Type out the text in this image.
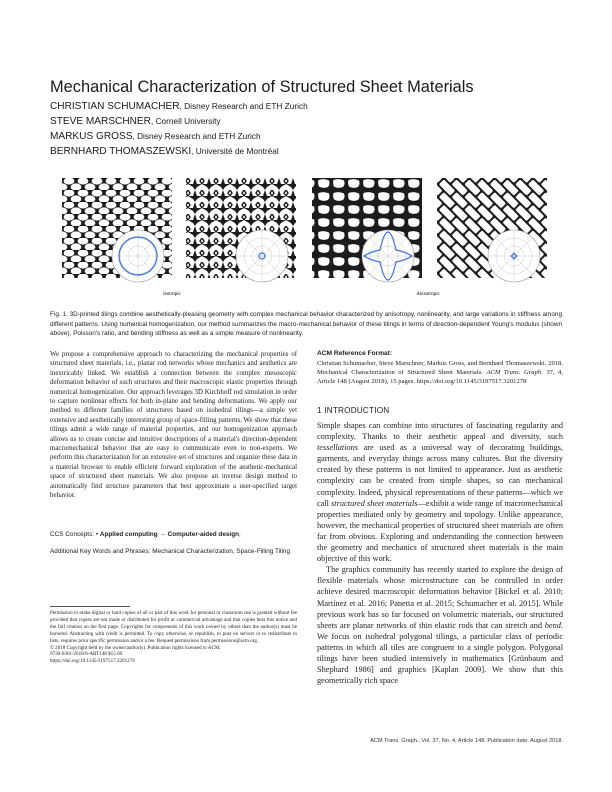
Mechanical Characterization of Structured Sheet Materials
CHRISTIAN SCHUMACHER, Disney Research and ETH Zurich
STEVE MARSCHNER, Cornell University
MARKUS GROSS, Disney Research and ETH Zurich
BERNHARD THOMASZEWSKI, Université de Montréal
Isotropic	Anisotropic
Fig. 1. 3D-printed tilings combine aesthetically-pleasing geometry with complex mechanical behavior characterized by anisotropy, nonlinearity, and large variations in stiffness among different patterns. Using numerical homogenization, our method summarizes the macro-mechanical behavior of these tilings in terms of direction-dependent Young's modulus (shown above), Poisson's ratio, and bending stiffness as well as a simple measure of nonlinearity.
We propose a comprehensive approach to characterizing the mechanical properties of structured sheet materials, i.e., planar rod networks whose mechanics and aesthetics are inextricably linked. We establish a connection between the complex mesoscopic deformation behavior of such structures and their macroscopic elastic properties through numerical homogenization. Our approach leverages 3D Kirchhoff rod simulation in order to capture nonlinear effects for both in-plane and bending deformations. We apply our method to different families of structures based on isohedral tilings—a simple yet extensive and aesthetically interesting group of space-filling patterns. We show that these tilings admit a wide range of material properties, and our homogenization approach allows us to create concise and intuitive descriptions of a material's direction-dependent macromechanical behavior that are easy to communicate even to non-experts. We perform this characterization for an extensive set of structures and organize these data in a material browser to enable efficient forward exploration of the aesthetic-mechanical space of structured sheet materials. We also propose an inverse design method to automatically find structure parameters that best approximate a user-specified target behavior.
CCS Concepts: • Applied computing → Computer-aided design;
Additional Key Words and Phrases: Mechanical Characterization, Space-Filling Tiling
Permission to make digital or hard copies of all or part of this work for personal or classroom use is granted without fee provided that copies are not made or distributed for profit or commercial advantage and that copies bear this notice and the full citation on the first page. Copyrights for components of this work owned by others than the author(s) must be honored. Abstracting with credit is permitted. To copy otherwise, or republish, to post on servers or to redistribute to lists, requires prior specific permission and/or a fee. Request permissions from permissions@acm.org.
© 2018 Copyright held by the owner/author(s). Publication rights licensed to ACM.
0730-0301/2018/8-ART148 $15.00
https://doi.org/10.1145/3197517.3201278
ACM Reference Format:
Christian Schumacher, Steve Marschner, Markus Gross, and Bernhard Thomaszewski. 2018. Mechanical Characterization of Structured Sheet Materials. ACM Trans. Graph. 37, 4, Article 148 (August 2018), 15 pages. https://doi.org/10.1145/3197517.3201278
1 INTRODUCTION

Simple shapes can combine into structures of fascinating regularity and complexity. Thanks to their aesthetic appeal and diversity, such tessellations are used as a universal way of decorating buildings, garments, and everyday things across many cultures. But the diversity created by these patterns is not limited to appearance. Just as aesthetic complexity can be created from simple shapes, so can mechanical complexity. Indeed, physical representations of these patterns—which we call structured sheet materials—exhibit a wide range of macromechanical properties mediated only by geometry and topology. Unlike appearance, however, the mechanical properties of structured sheet materials are often far from obvious. Exploring and understanding the connection between the geometry and mechanics of structured sheet materials is the main objective of this work.

The graphics community has recently started to explore the design of flexible materials whose microstructure can be controlled in order achieve desired macroscopic deformation behavior [Bickel et al. 2010; Martínez et al. 2016; Panetta et al. 2015; Schumacher et al. 2015]. While previous work has so far focused on volumetric materials, our structured sheets are planar networks of thin elastic rods that can stretch and bend. We focus on isohedral polygonal tilings, a particular class of periodic patterns in which all tiles are congruent to a single polygon. Polygonal tilings have been studied intensively in mathematics [Grünbaum and Shephard 1986] and graphics [Kaplan 2009]. We show that this geometrically rich space

ACM Trans. Graph., Vol. 37, No. 4, Article 148. Publication date: August 2018.
